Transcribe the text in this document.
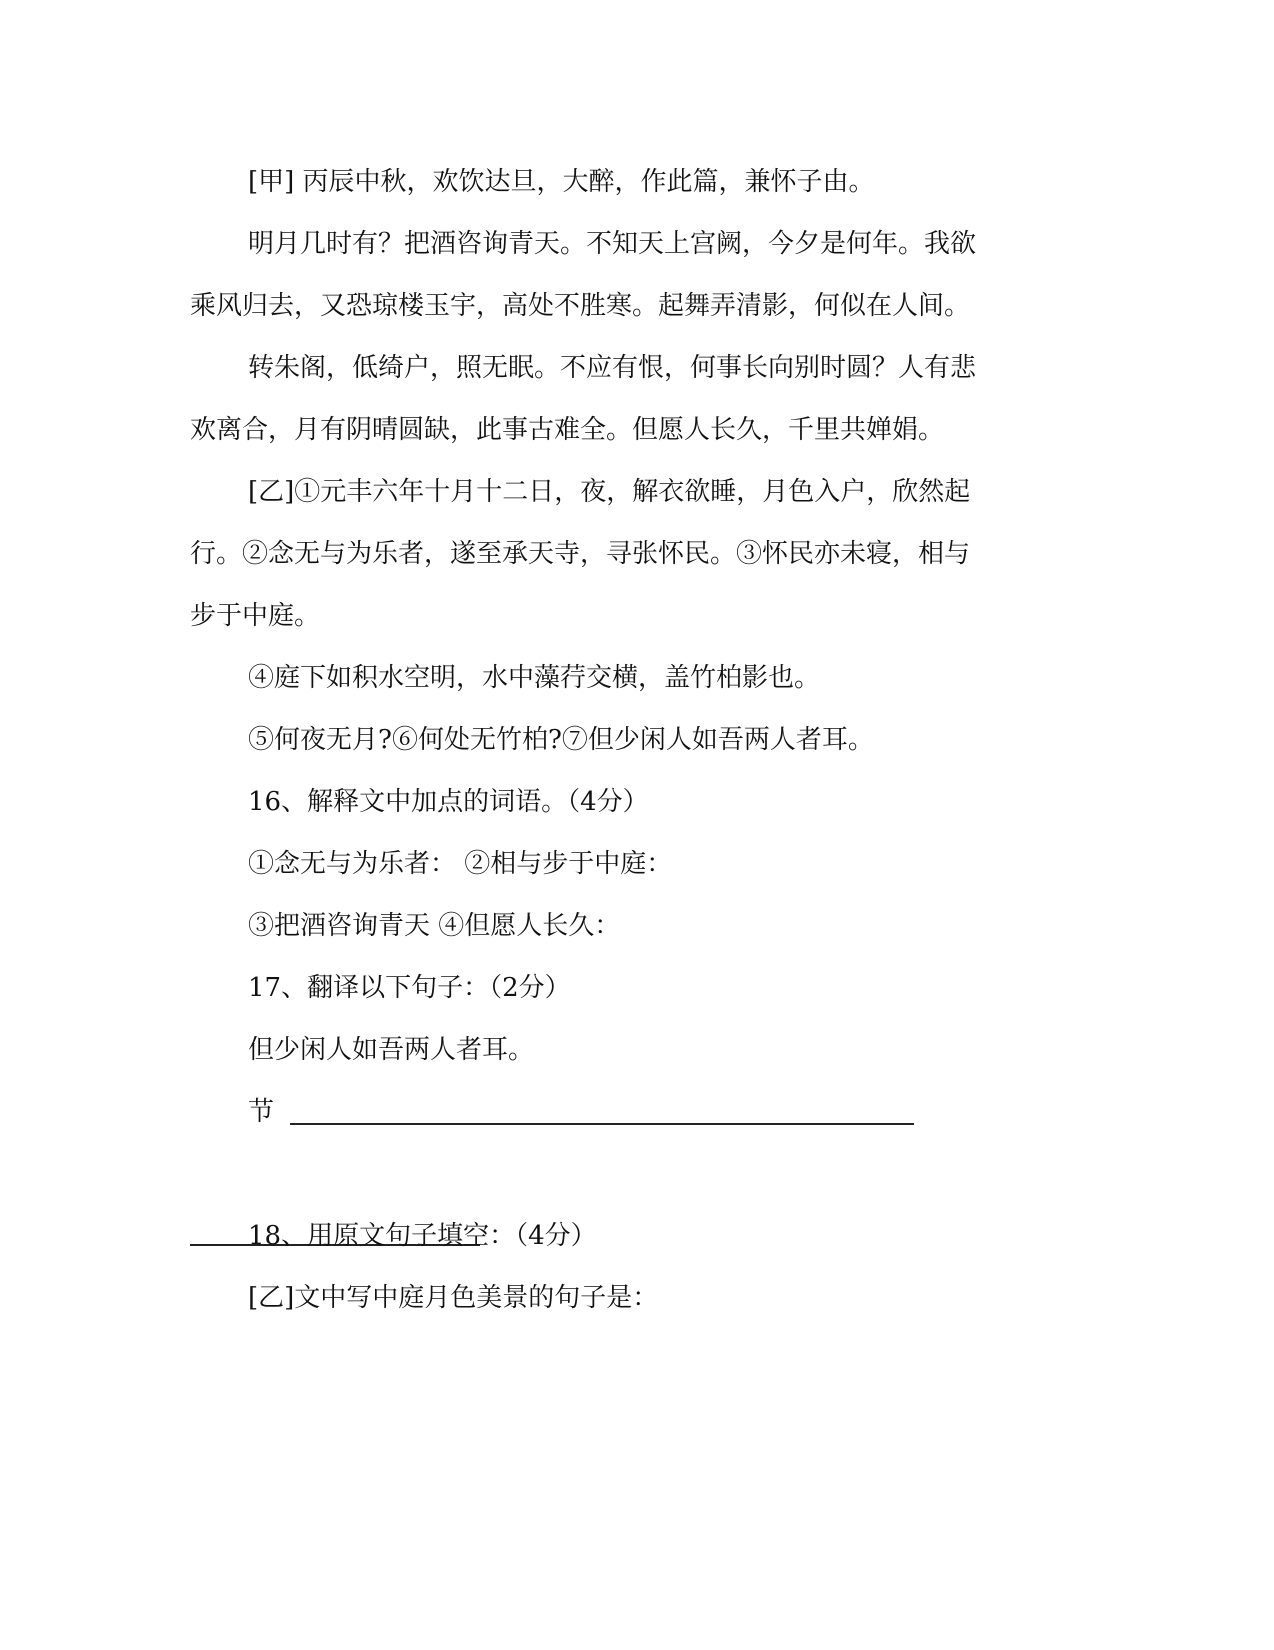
[甲] 丙辰中秋，欢饮达旦，大醉，作此篇，兼怀子由。
明月几时有？把酒咨询青天。不知天上宫阙，今夕是何年。我欲
乘风归去，又恐琼楼玉宇，高处不胜寒。起舞弄清影，何似在人间。
转朱阁，低绮户，照无眠。不应有恨，何事长向别时圆？人有悲
欢离合，月有阴晴圆缺，此事古难全。但愿人长久，千里共婵娟。
[乙]①元丰六年十月十二日，夜，解衣欲睡，月色入户，欣然起
行。②念无与为乐者，遂至承天寺，寻张怀民。③怀民亦未寝，相与
步于中庭。
④庭下如积水空明，水中藻荇交横，盖竹柏影也。
⑤何夜无月?⑥何处无竹柏?⑦但少闲人如吾两人者耳。
16、解释文中加点的词语。（4分）
①念无与为乐者： ②相与步于中庭：
③把酒咨询青天 ④但愿人长久：
17、翻译以下句子：（2分）
但少闲人如吾两人者耳。
节
18、用原文句子填空：（4分）
[乙]文中写中庭月色美景的句子是：
